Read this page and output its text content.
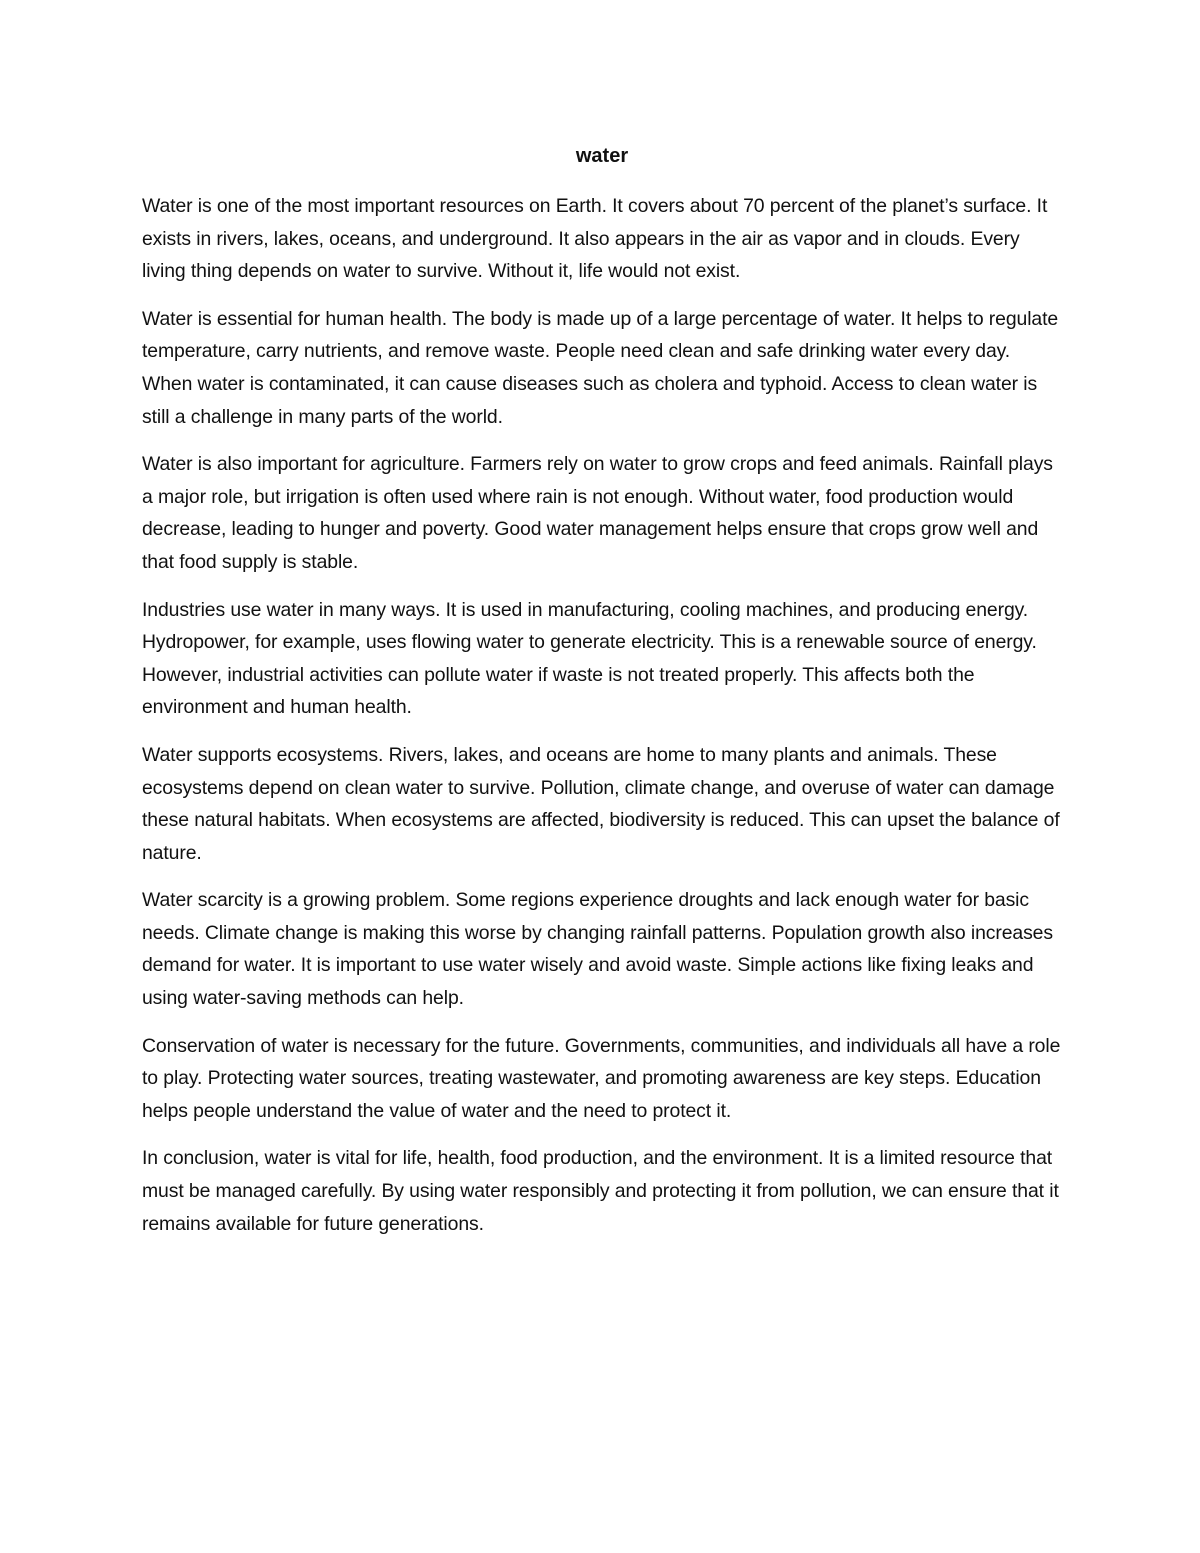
water

Water is one of the most important resources on Earth. It covers about 70 percent of the planet’s surface. It exists in rivers, lakes, oceans, and underground. It also appears in the air as vapor and in clouds. Every living thing depends on water to survive. Without it, life would not exist.

Water is essential for human health. The body is made up of a large percentage of water. It helps to regulate temperature, carry nutrients, and remove waste. People need clean and safe drinking water every day. When water is contaminated, it can cause diseases such as cholera and typhoid. Access to clean water is still a challenge in many parts of the world.

Water is also important for agriculture. Farmers rely on water to grow crops and feed animals. Rainfall plays a major role, but irrigation is often used where rain is not enough. Without water, food production would decrease, leading to hunger and poverty. Good water management helps ensure that crops grow well and that food supply is stable.

Industries use water in many ways. It is used in manufacturing, cooling machines, and producing energy. Hydropower, for example, uses flowing water to generate electricity. This is a renewable source of energy. However, industrial activities can pollute water if waste is not treated properly. This affects both the environment and human health.

Water supports ecosystems. Rivers, lakes, and oceans are home to many plants and animals. These ecosystems depend on clean water to survive. Pollution, climate change, and overuse of water can damage these natural habitats. When ecosystems are affected, biodiversity is reduced. This can upset the balance of nature.

Water scarcity is a growing problem. Some regions experience droughts and lack enough water for basic needs. Climate change is making this worse by changing rainfall patterns. Population growth also increases demand for water. It is important to use water wisely and avoid waste. Simple actions like fixing leaks and using water-saving methods can help.

Conservation of water is necessary for the future. Governments, communities, and individuals all have a role to play. Protecting water sources, treating wastewater, and promoting awareness are key steps. Education helps people understand the value of water and the need to protect it.

In conclusion, water is vital for life, health, food production, and the environment. It is a limited resource that must be managed carefully. By using water responsibly and protecting it from pollution, we can ensure that it remains available for future generations.
